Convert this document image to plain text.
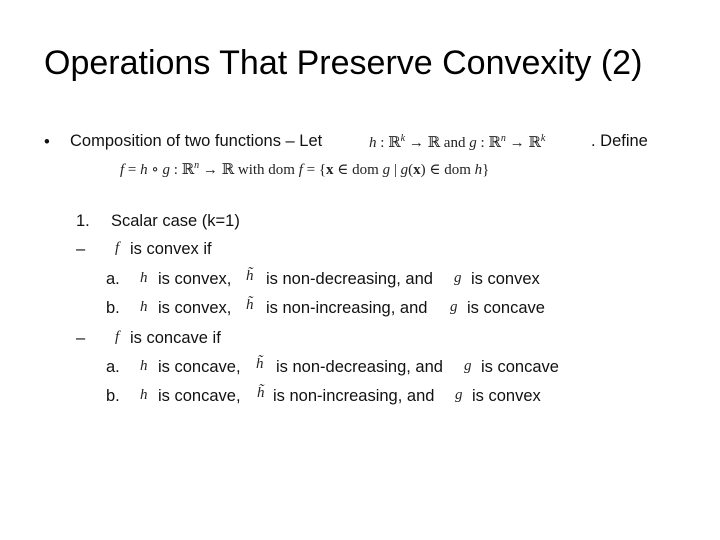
Operations That Preserve Convexity (2)
• Composition of two functions – Let	h : ℝ$^k$ → ℝ and g : ℝ$^n$ → ℝ$^k$	. Define
f = h ∘ g : ℝ$^n$ → ℝ with dom f = {x ∈ dom g | g(x) ∈ dom h}
1. Scalar case (k=1)
– f is convex if
a. h is convex, h̃ is non-decreasing, and g is convex
b. h is convex, h̃ is non-increasing, and g is concave
– f is concave if
a. h is concave, h̃ is non-decreasing, and g is concave
b. h is concave, h̃ is non-increasing, and g is convex
